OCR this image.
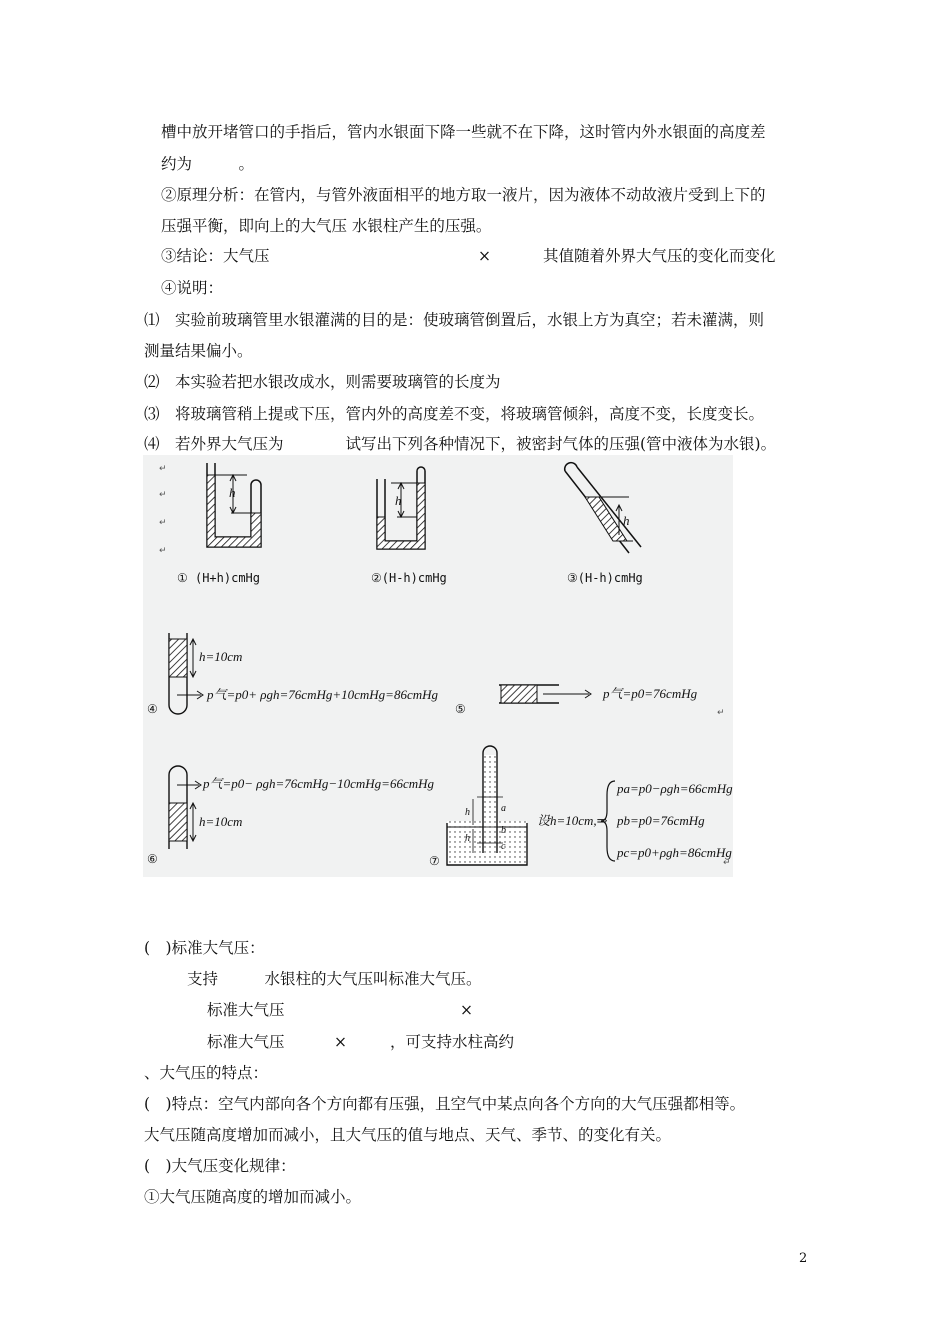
槽中放开堵管口的手指后，管内水银面下降一些就不在下降，这时管内外水银面的高度差
约为　　　。
②原理分析：在管内，与管外液面相平的地方取一液片，因为液体不动故液片受到上下的
压强平衡，即向上的大气压 水银柱产生的压强。
③结论：大气压	×	其值随着外界大气压的变化而变化
④说明：
⑴　实验前玻璃管里水银灌满的目的是：使玻璃管倒置后，水银上方为真空；若未灌满，则
测量结果偏小。
⑵　本实验若把水银改成水，则需要玻璃管的长度为
⑶　将玻璃管稍上提或下压，管内外的高度差不变，将玻璃管倾斜，高度不变，长度变长。
⑷　若外界大气压为　　　　试写出下列各种情况下，被密封气体的压强(管中液体为水银)。
↵
↵
↵
↵
h
① (H+h)cmHg
h
②(H-h)cmHg
h
③(H-h)cmHg
h=10cm
p气=p0+ ρgh=76cmHg+10cmHg=86cmHg
④
p气=p0=76cmHg
⑤	↵
p气=p0− ρgh=76cmHg−10cmHg=66cmHg
h=10cm
⑥
h
h
a
b
c
⑦
设h=10cm,⇒
pa=p0−ρgh=66cmHg
pb=p0=76cmHg
pc=p0+ρgh=86cmHg
↵
(　)标准大气压：
支持　　　水银柱的大气压叫标准大气压。
标准大气压	×
标准大气压	×	，可支持水柱高约
、大气压的特点：
(　)特点：空气内部向各个方向都有压强，且空气中某点向各个方向的大气压强都相等。
大气压随高度增加而减小，且大气压的值与地点、天气、季节、的变化有关。
(　)大气压变化规律：
①大气压随高度的增加而减小。
2
